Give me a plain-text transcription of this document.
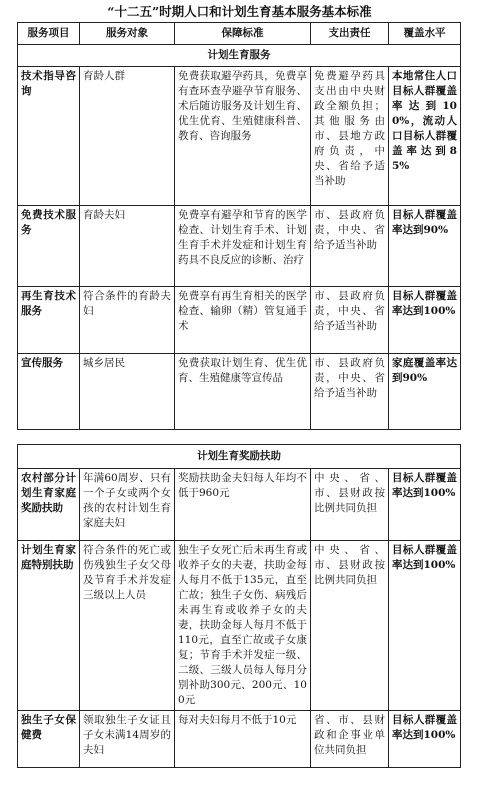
“十二五”时期人口和计划生育基本服务基本标准
服务项目	服务对象	保障标准	支出责任	覆盖水平
计划生育服务				
技术指导咨询	育龄人群	免费获取避孕药具，免费享有查环查孕避孕节育服务、术后随访服务及计划生育、优生优育、生殖健康科普、教育、咨询服务	免费避孕药具支出由中央财政全额负担；其他服务由市、县地方政府负责，中央、省给予适当补助	本地常住人口目标人群覆盖率达到100%，流动人口目标人群覆盖率达到85%
免费技术服务	育龄夫妇	免费享有避孕和节育的医学检查、计划生育手术、计划生育手术并发症和计划生育药具不良反应的诊断、治疗	市、县政府负责，中央、省给予适当补助	目标人群覆盖率达到90%
再生育技术服务	符合条件的育龄夫妇	免费享有再生育相关的医学检查、输卵（精）管复通手术	市、县政府负责，中央、省给予适当补助	目标人群覆盖率达到100%
宣传服务	城乡居民	免费获取计划生育、优生优育、生殖健康等宣传品	市、县政府负责，中央、省给予适当补助	家庭覆盖率达到90%
计划生育奖励扶助				
农村部分计划生育家庭奖励扶助	年满60周岁、只有一个子女或两个女孩的农村计划生育家庭夫妇	奖励扶助金夫妇每人年均不低于960元	中央、省、市、县财政按比例共同负担	目标人群覆盖率达到100%
计划生育家庭特别扶助	符合条件的死亡或伤残独生子女父母及节育手术并发症三级以上人员	独生子女死亡后未再生育或收养子女的夫妻，扶助金每人每月不低于135元，直至亡故；独生子女伤、病残后未再生育或收养子女的夫妻，扶助金每人每月不低于110元，直至亡故或子女康复；节育手术并发症一级、二级、三级人员每人每月分别补助300元、200元、100元	中央、省、市、县财政按比例共同负担	目标人群覆盖率达到100%
独生子女保健费	领取独生子女证且子女未满14周岁的夫妇	每对夫妇每月不低于10元	省、市、县财政和企事业单位共同负担	目标人群覆盖率达到100%
